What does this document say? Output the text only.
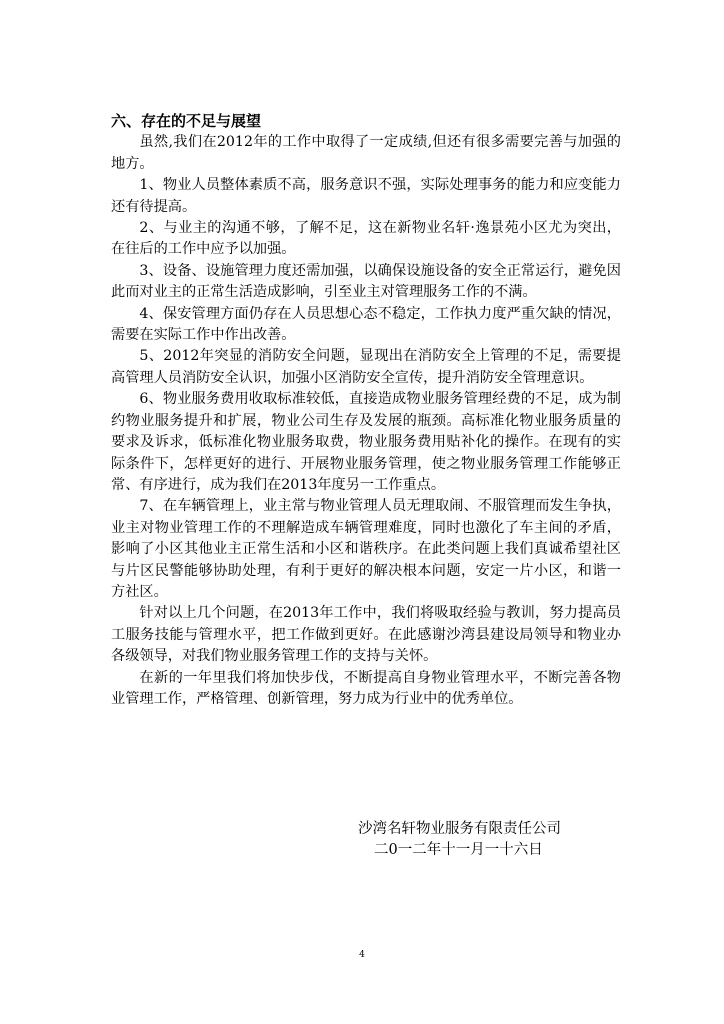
六、存在的不足与展望

虽然,我们在2012年的工作中取得了一定成绩,但还有很多需要完善与加强的地方。

1、物业人员整体素质不高，服务意识不强，实际处理事务的能力和应变能力还有待提高。

2、与业主的沟通不够，了解不足，这在新物业名轩·逸景苑小区尤为突出，在往后的工作中应予以加强。

3、设备、设施管理力度还需加强，以确保设施设备的安全正常运行，避免因此而对业主的正常生活造成影响，引至业主对管理服务工作的不满。

4、保安管理方面仍存在人员思想心态不稳定，工作执力度严重欠缺的情况，需要在实际工作中作出改善。

5、2012年突显的消防安全问题，显现出在消防安全上管理的不足，需要提高管理人员消防安全认识，加强小区消防安全宣传，提升消防安全管理意识。

6、物业服务费用收取标准较低，直接造成物业服务管理经费的不足，成为制约物业服务提升和扩展，物业公司生存及发展的瓶颈。高标准化物业服务质量的要求及诉求，低标准化物业服务取费，物业服务费用贴补化的操作。在现有的实际条件下，怎样更好的进行、开展物业服务管理，使之物业服务管理工作能够正常、有序进行，成为我们在2013年度另一工作重点。

7、在车辆管理上，业主常与物业管理人员无理取闹、不服管理而发生争执，业主对物业管理工作的不理解造成车辆管理难度，同时也激化了车主间的矛盾，影响了小区其他业主正常生活和小区和谐秩序。在此类问题上我们真诚希望社区与片区民警能够协助处理，有利于更好的解决根本问题，安定一片小区，和谐一方社区。

针对以上几个问题，在2013年工作中，我们将吸取经验与教训，努力提高员工服务技能与管理水平，把工作做到更好。在此感谢沙湾县建设局领导和物业办各级领导，对我们物业服务管理工作的支持与关怀。

在新的一年里我们将加快步伐，不断提高自身物业管理水平，不断完善各物业管理工作，严格管理、创新管理，努力成为行业中的优秀单位。

沙湾名轩物业服务有限责任公司
二0一二年十一月一十六日
4
